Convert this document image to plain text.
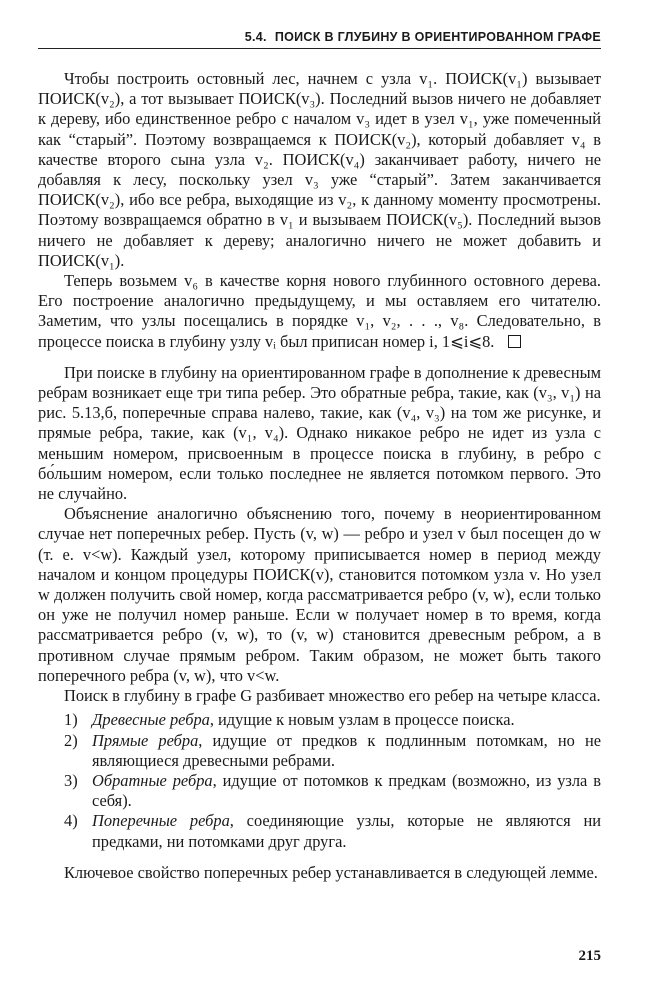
5.4. ПОИСК В ГЛУБИНУ В ОРИЕНТИРОВАННОМ ГРАФЕ

Чтобы построить остовный лес, начнем с узла v₁. ПОИСК(v₁) вызывает ПОИСК(v₂), а тот вызывает ПОИСК(v₃). Последний вызов ничего не добавляет к дереву, ибо единственное ребро с началом v₃ идет в узел v₁, уже помеченный как “старый”. Поэтому возвращаемся к ПОИСК(v₂), который добавляет v₄ в качестве второго сына узла v₂. ПОИСК(v₄) заканчивает работу, ничего не добавляя к лесу, поскольку узел v₃ уже “старый”. Затем заканчивается ПОИСК(v₂), ибо все ребра, выходящие из v₂, к данному моменту просмотрены. Поэтому возвращаемся обратно в v₁ и вызываем ПОИСК(v₅). Последний вызов ничего не добавляет к дереву; аналогично ничего не может добавить и ПОИСК(v₁).

Теперь возьмем v₆ в качестве корня нового глубинного остовного дерева. Его построение аналогично предыдущему, и мы оставляем его читателю. Заметим, что узлы посещались в порядке v₁, v₂, . . ., v₈. Следовательно, в процессе поиска в глубину узлу vᵢ был приписан номер i, 1⩽i⩽8.

При поиске в глубину на ориентированном графе в дополнение к древесным ребрам возникает еще три типа ребер. Это обратные ребра, такие, как (v₃, v₁) на рис. 5.13,б, поперечные справа налево, такие, как (v₄, v₃) на том же рисунке, и прямые ребра, такие, как (v₁, v₄). Однако никакое ребро не идет из узла с меньшим номером, присвоенным в процессе поиска в глубину, в ребро с бо́льшим номером, если только последнее не является потомком первого. Это не случайно.

Объяснение аналогично объяснению того, почему в неориентированном случае нет поперечных ребер. Пусть (v, w) — ребро и узел v был посещен до w (т. е. v<w). Каждый узел, которому приписывается номер в период между началом и концом процедуры ПОИСК(v), становится потомком узла v. Но узел w должен получить свой номер, когда рассматривается ребро (v, w), если только он уже не получил номер раньше. Если w получает номер в то время, когда рассматривается ребро (v, w), то (v, w) становится древесным ребром, а в противном случае прямым ребром. Таким образом, не может быть такого поперечного ребра (v, w), что v<w.

Поиск в глубину в графе G разбивает множество его ребер на четыре класса.

1) Древесные ребра, идущие к новым узлам в процессе поиска.
2) Прямые ребра, идущие от предков к подлинным потомкам, но не являющиеся древесными ребрами.
3) Обратные ребра, идущие от потомков к предкам (возможно, из узла в себя).
4) Поперечные ребра, соединяющие узлы, которые не являются ни предками, ни потомками друг друга.

Ключевое свойство поперечных ребер устанавливается в следующей лемме.

215
